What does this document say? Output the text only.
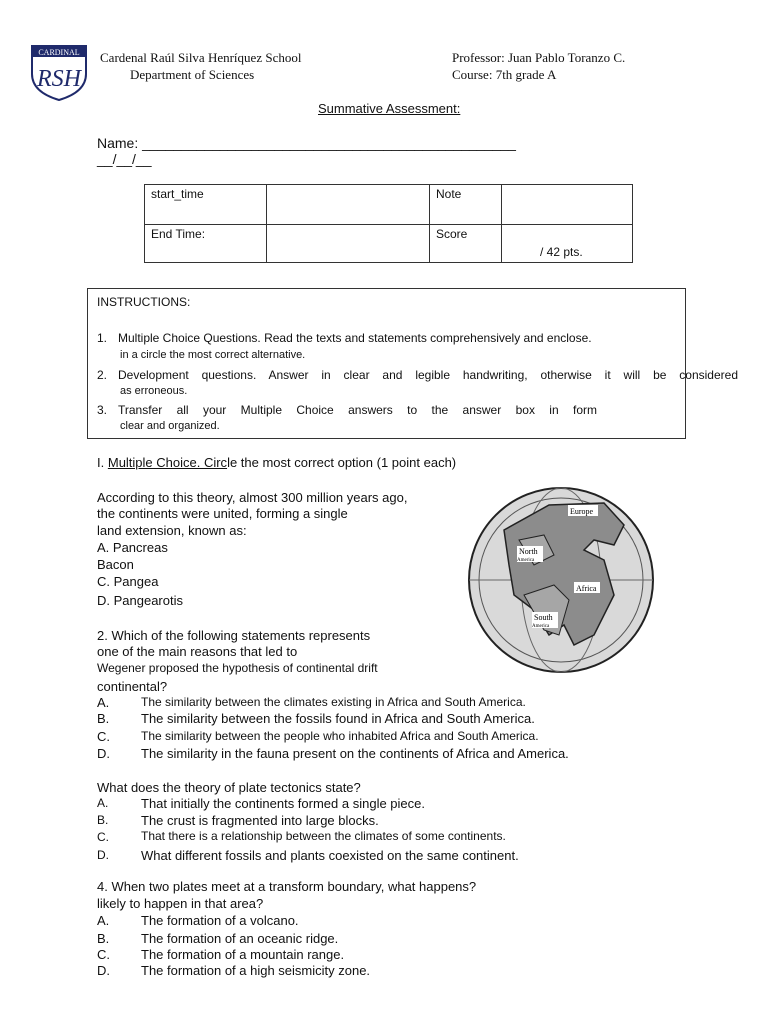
CARDINAL
RSH
Cardenal Raúl Silva Henríquez School
Department of Sciences
Professor: Juan Pablo Toranzo C.
Course: 7th grade A
Summative Assessment:
Name: ________________________________________________
__/__/__
start_time		Note	
End Time:		Score	/ 42 pts.
INSTRUCTIONS:
1. Multiple Choice Questions. Read the texts and statements comprehensively and enclose.
in a circle the most correct alternative.
2. Development questions. Answer in clear and legible handwriting, otherwise it will be considered
as erroneous.
3. Transfer all your Multiple Choice answers to the answer box in form
clear and organized.
I. Multiple Choice. Circle the most correct option (1 point each)
According to this theory, almost 300 million years ago,
the continents were united, forming a single
land extension, known as:
A. Pancreas
Bacon
C. Pangea
D. Pangearotis
Europe
North
America
Africa
South
America
2. Which of the following statements represents
one of the main reasons that led to
Wegener proposed the hypothesis of continental drift
continental?
A.	The similarity between the climates existing in Africa and South America.
B. The similarity between the fossils found in Africa and South America.
C.	The similarity between the people who inhabited Africa and South America.
D. The similarity in the fauna present on the continents of Africa and America.
What does the theory of plate tectonics state?
A.	That initially the continents formed a single piece.
B.	The crust is fragmented into large blocks.
C.	That there is a relationship between the climates of some continents.
D. What different fossils and plants coexisted on the same continent.
4. When two plates meet at a transform boundary, what happens?
likely to happen in that area?
A. The formation of a volcano.
B. The formation of an oceanic ridge.
C. The formation of a mountain range.
D. The formation of a high seismicity zone.
